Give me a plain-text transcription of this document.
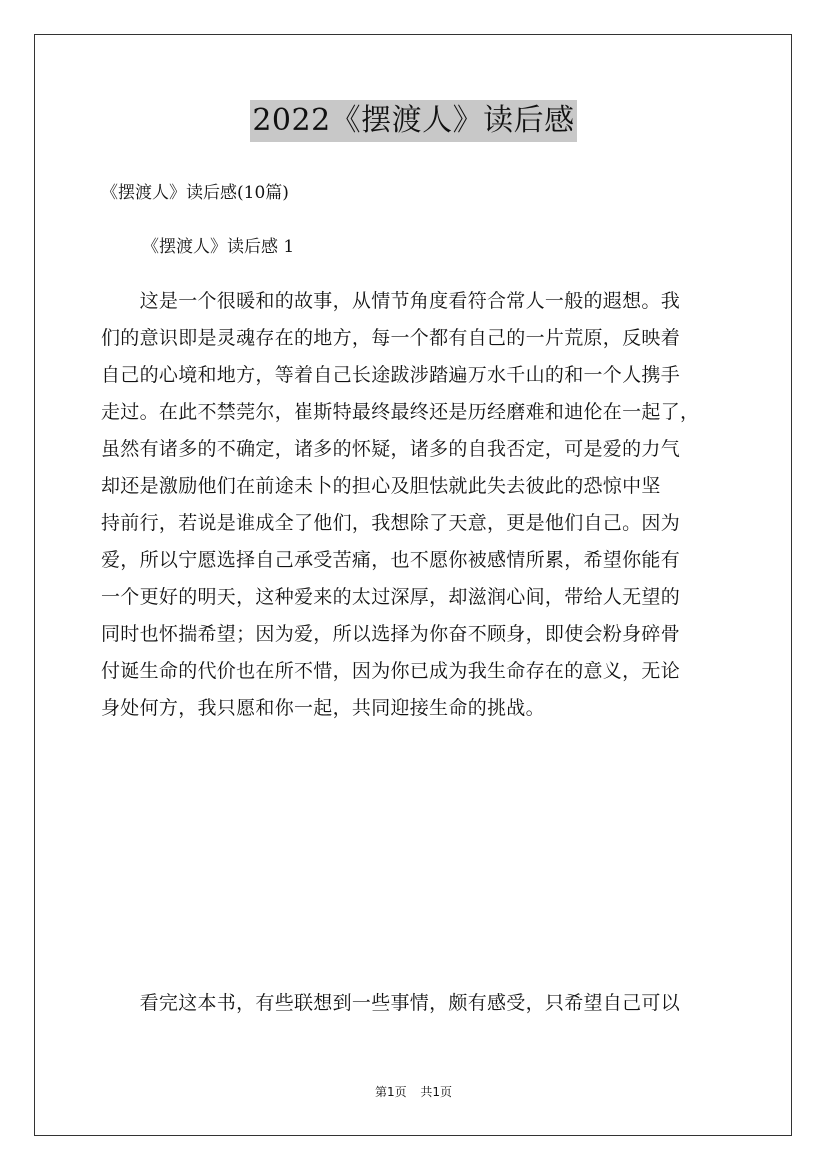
2022《摆渡人》读后感
《摆渡人》读后感(10篇)
《摆渡人》读后感 1
　　这是一个很暖和的故事，从情节角度看符合常人一般的遐想。我
们的意识即是灵魂存在的地方，每一个都有自己的一片荒原，反映着
自己的心境和地方，等着自己长途跋涉踏遍万水千山的和一个人携手
走过。在此不禁莞尔，崔斯特最终最终还是历经磨难和迪伦在一起了，
虽然有诸多的不确定，诸多的怀疑，诸多的自我否定，可是爱的力气
却还是激励他们在前途未卜的担心及胆怯就此失去彼此的恐惊中坚
持前行，若说是谁成全了他们，我想除了天意，更是他们自己。因为
爱，所以宁愿选择自己承受苦痛，也不愿你被感情所累，希望你能有
一个更好的明天，这种爱来的太过深厚，却滋润心间，带给人无望的
同时也怀揣希望；因为爱，所以选择为你奋不顾身，即使会粉身碎骨
付诞生命的代价也在所不惜，因为你已成为我生命存在的意义，无论
身处何方，我只愿和你一起，共同迎接生命的挑战。
　　看完这本书，有些联想到一些事情，颇有感受，只希望自己可以
第1页 共1页
